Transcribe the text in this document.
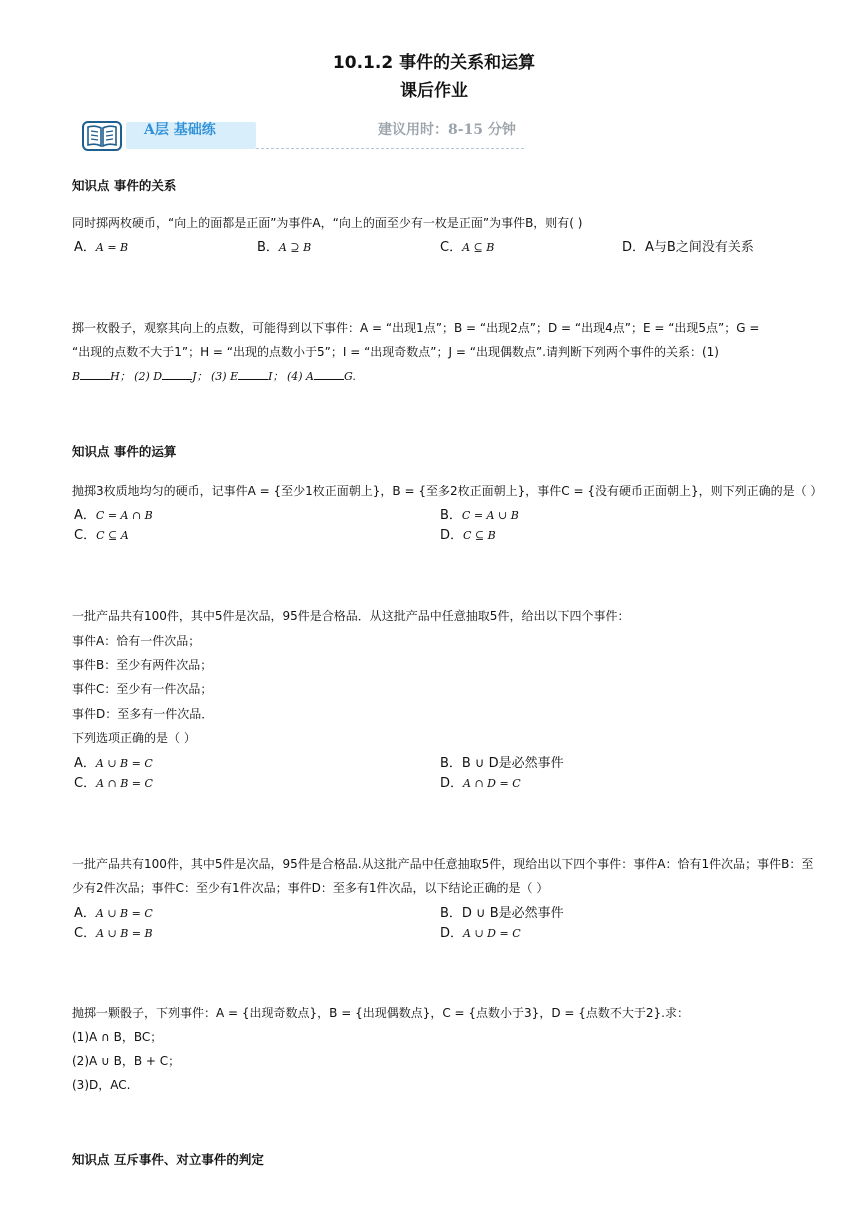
10.1.2 事件的关系和运算
课后作业
A层 基础练	建议用时：8-15 分钟
知识点 事件的关系
同时掷两枚硬币，“向上的面都是正面”为事件A，“向上的面至少有一枚是正面”为事件B，则有( )
A．A = B	B．A ⊇ B	C．A ⊆ B	D．A与B之间没有关系
掷一枚骰子，观察其向上的点数，可能得到以下事件：A = “出现1点”；B = “出现2点”；D = “出现4点”；E = “出现5点”；G =
“出现的点数不大于1”；H = “出现的点数小于5”；I = “出现奇数点”；J = “出现偶数点”.请判断下列两个事件的关系：(1)
B	H； (2) D	J； (3) E	I； (4) A	G.
知识点 事件的运算
抛掷3枚质地均匀的硬币，记事件A = {至少1枚正面朝上}，B = {至多2枚正面朝上}，事件C = {没有硬币正面朝上}，则下列正确的是（ ）
A．C = A ∩ B	B．C = A ∪ B
C．C ⊆ A	D．C ⊆ B
一批产品共有100件，其中5件是次品，95件是合格品．从这批产品中任意抽取5件，给出以下四个事件：
事件A：恰有一件次品；
事件B：至少有两件次品；
事件C：至少有一件次品；
事件D：至多有一件次品．
下列选项正确的是（ ）
A．A ∪ B = C	B．B ∪ D是必然事件
C．A ∩ B = C	D．A ∩ D = C
一批产品共有100件，其中5件是次品，95件是合格品.从这批产品中任意抽取5件，现给出以下四个事件：事件A：恰有1件次品；事件B：至
少有2件次品；事件C：至少有1件次品；事件D：至多有1件次品，以下结论正确的是（ ）
A．A ∪ B = C	B．D ∪ B是必然事件
C．A ∪ B = B	D．A ∪ D = C
抛掷一颗骰子，下列事件：A = {出现奇数点}，B = {出现偶数点}，C = {点数小于3}，D = {点数不大于2}.求：
(1)A ∩ B，BC；
(2)A ∪ B，B + C；
(3)D，AC.
知识点 互斥事件、对立事件的判定
